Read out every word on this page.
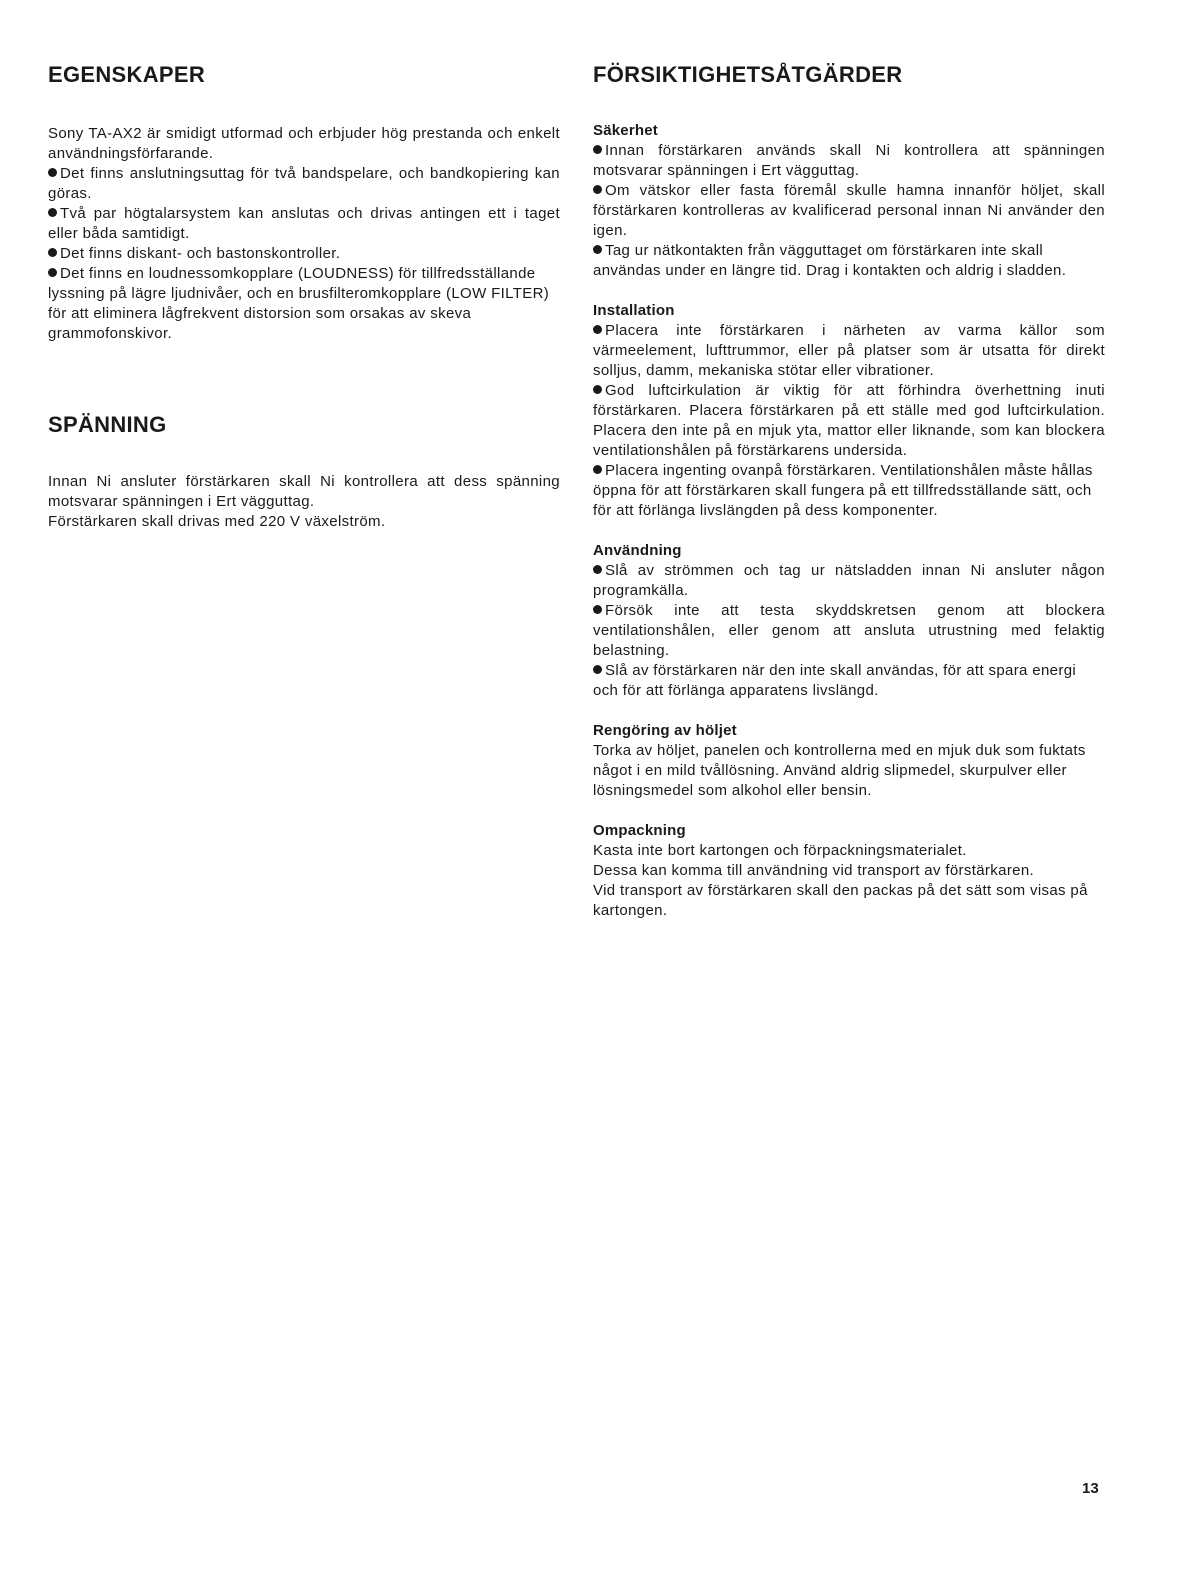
EGENSKAPER

Sony TA-AX2 är smidigt utformad och erbjuder hög prestanda och enkelt användningsförfarande.

Det finns anslutningsuttag för två bandspelare, och bandkopiering kan göras.

Två par högtalarsystem kan anslutas och drivas antingen ett i taget eller båda samtidigt.

Det finns diskant- och bastonskontroller.

Det finns en loudnessomkopplare (LOUDNESS) för tillfredsställande lyssning på lägre ljudnivåer, och en brusfilteromkopplare (LOW FILTER) för att eliminera lågfrekvent distorsion som orsakas av skeva grammofonskivor.

SPÄNNING

Innan Ni ansluter förstärkaren skall Ni kontrollera att dess spänning motsvarar spänningen i Ert vägguttag.

Förstärkaren skall drivas med 220 V växelström.

FÖRSIKTIGHETSÅTGÄRDER
Säkerhet

Innan förstärkaren används skall Ni kontrollera att spänningen motsvarar spänningen i Ert vägguttag.

Om vätskor eller fasta föremål skulle hamna innanför höljet, skall förstärkaren kontrolleras av kvalificerad personal innan Ni använder den igen.

Tag ur nätkontakten från vägguttaget om förstärkaren inte skall användas under en längre tid. Drag i kontakten och aldrig i sladden.

Installation

Placera inte förstärkaren i närheten av varma källor som värmeelement, lufttrummor, eller på platser som är utsatta för direkt solljus, damm, mekaniska stötar eller vibrationer.

God luftcirkulation är viktig för att förhindra överhettning inuti förstärkaren. Placera förstärkaren på ett ställe med god luftcirkulation. Placera den inte på en mjuk yta, mattor eller liknande, som kan blockera ventilationshålen på förstärkarens undersida.

Placera ingenting ovanpå förstärkaren. Ventilationshålen måste hållas öppna för att förstärkaren skall fungera på ett tillfredsställande sätt, och för att förlänga livslängden på dess komponenter.

Användning

Slå av strömmen och tag ur nätsladden innan Ni ansluter någon programkälla.

Försök inte att testa skyddskretsen genom att blockera ventilationshålen, eller genom att ansluta utrustning med felaktig belastning.

Slå av förstärkaren när den inte skall användas, för att spara energi och för att förlänga apparatens livslängd.

Rengöring av höljet

Torka av höljet, panelen och kontrollerna med en mjuk duk som fuktats något i en mild tvållösning. Använd aldrig slipmedel, skurpulver eller lösningsmedel som alkohol eller bensin.

Ompackning

Kasta inte bort kartongen och förpackningsmaterialet.

Dessa kan komma till användning vid transport av förstärkaren.

Vid transport av förstärkaren skall den packas på det sätt som visas på kartongen.

13
